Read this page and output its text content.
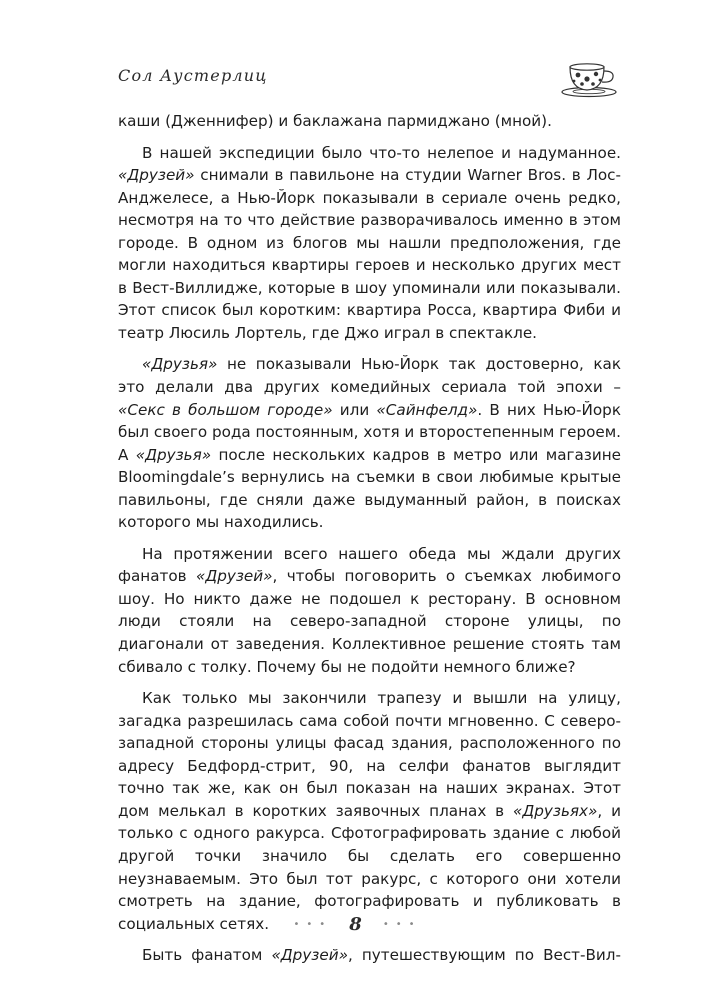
Сол Аустерлиц

каши (Дженнифер) и баклажана пармиджано (мной).

В нашей экспедиции было что-то нелепое и надуманное. «Друзей» снимали в павильоне на студии Warner Bros. в Лос-Анджелесе, а Нью-Йорк показывали в сериале очень редко, несмотря на то что действие разворачивалось именно в этом городе. В одном из блогов мы нашли предположения, где могли находиться квартиры героев и несколько других мест в Вест-Виллидже, которые в шоу упоминали или показывали. Этот список был коротким: квартира Росса, квартира Фиби и театр Люсиль Лортель, где Джо играл в спектакле.

«Друзья» не показывали Нью-Йорк так достоверно, как это делали два других комедийных сериала той эпохи – «Секс в большом городе» или «Сайнфелд». В них Нью-Йорк был своего рода постоянным, хотя и второстепенным героем. А «Друзья» после нескольких кадров в метро или магазине Bloomingdale’s вернулись на съемки в свои любимые крытые павильоны, где сняли даже выдуманный район, в поисках которого мы находились.

На протяжении всего нашего обеда мы ждали других фанатов «Друзей», чтобы поговорить о съемках любимого шоу. Но никто даже не подошел к ресторану. В основном люди стояли на северо-западной стороне улицы, по диагонали от заведения. Коллективное решение стоять там сбивало с толку. Почему бы не подойти немного ближе?

Как только мы закончили трапезу и вышли на улицу, загадка разрешилась сама собой почти мгновенно. С северо-западной стороны улицы фасад здания, расположенного по адресу Бедфорд-стрит, 90, на селфи фанатов выглядит точно так же, как он был показан на наших экранах. Этот дом мелькал в коротких заявочных планах в «Друзьях», и только с одного ракурса. Сфотографировать здание с любой другой точки значило бы сделать его совершенно неузнаваемым. Это был тот ракурс, с которого они хотели смотреть на здание, фотографировать и публиковать в социальных сетях.

Быть фанатом «Друзей», путешествующим по Вест-Вил-

••• 8 •••
